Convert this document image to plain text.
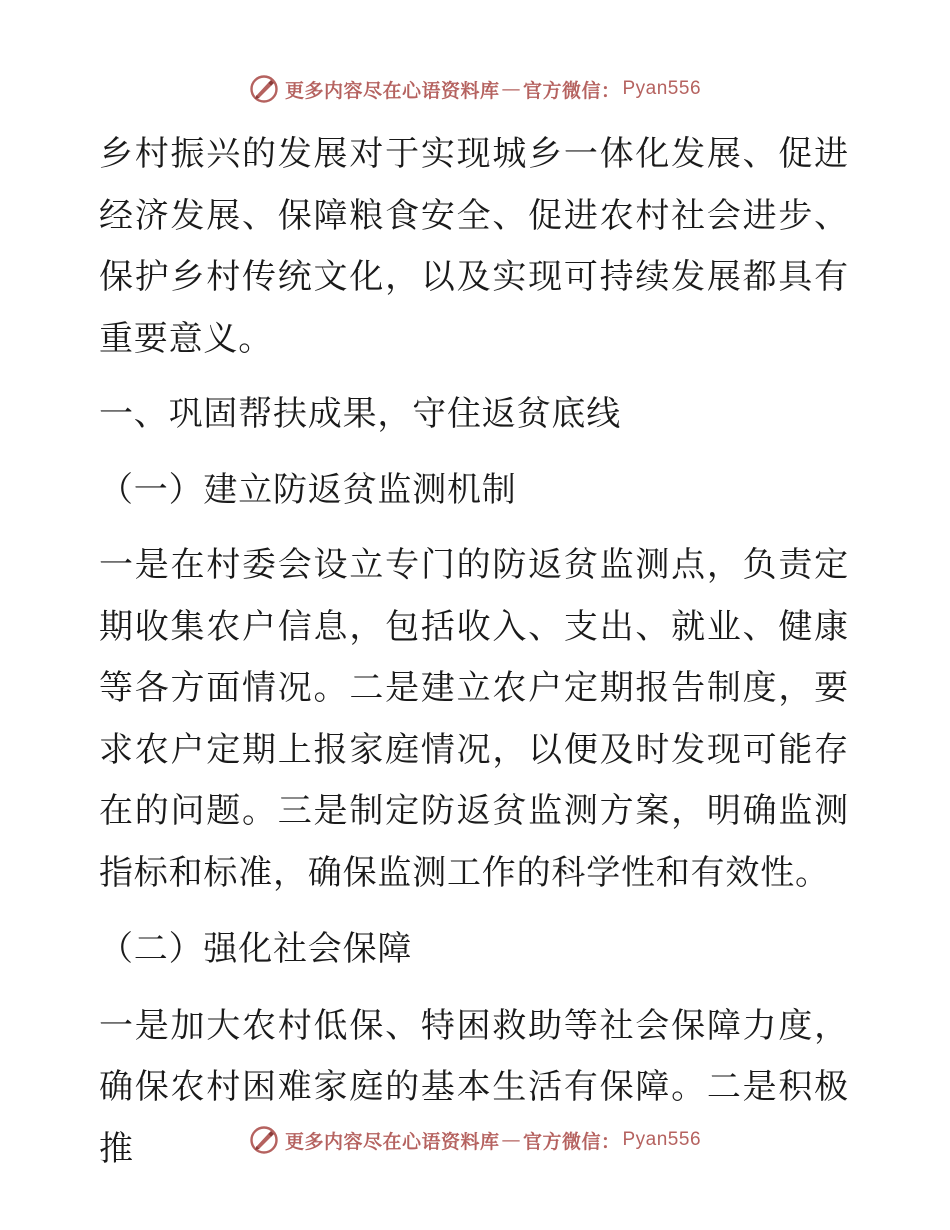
更多内容尽在心语资料库 — 官方微信： Pyan556

乡村振兴的发展对于实现城乡一体化发展、促进经济发展、保障粮食安全、促进农村社会进步、保护乡村传统文化，以及实现可持续发展都具有重要意义。

一、巩固帮扶成果，守住返贫底线

（一）建立防返贫监测机制

一是在村委会设立专门的防返贫监测点，负责定期收集农户信息，包括收入、支出、就业、健康等各方面情况。二是建立农户定期报告制度，要求农户定期上报家庭情况，以便及时发现可能存在的问题。三是制定防返贫监测方案，明确监测指标和标准，确保监测工作的科学性和有效性。

（二）强化社会保障

一是加大农村低保、特困救助等社会保障力度，确保农村困难家庭的基本生活有保障。二是积极推	更多内容尽在心语资料库 — 官方微信： Pyan556
